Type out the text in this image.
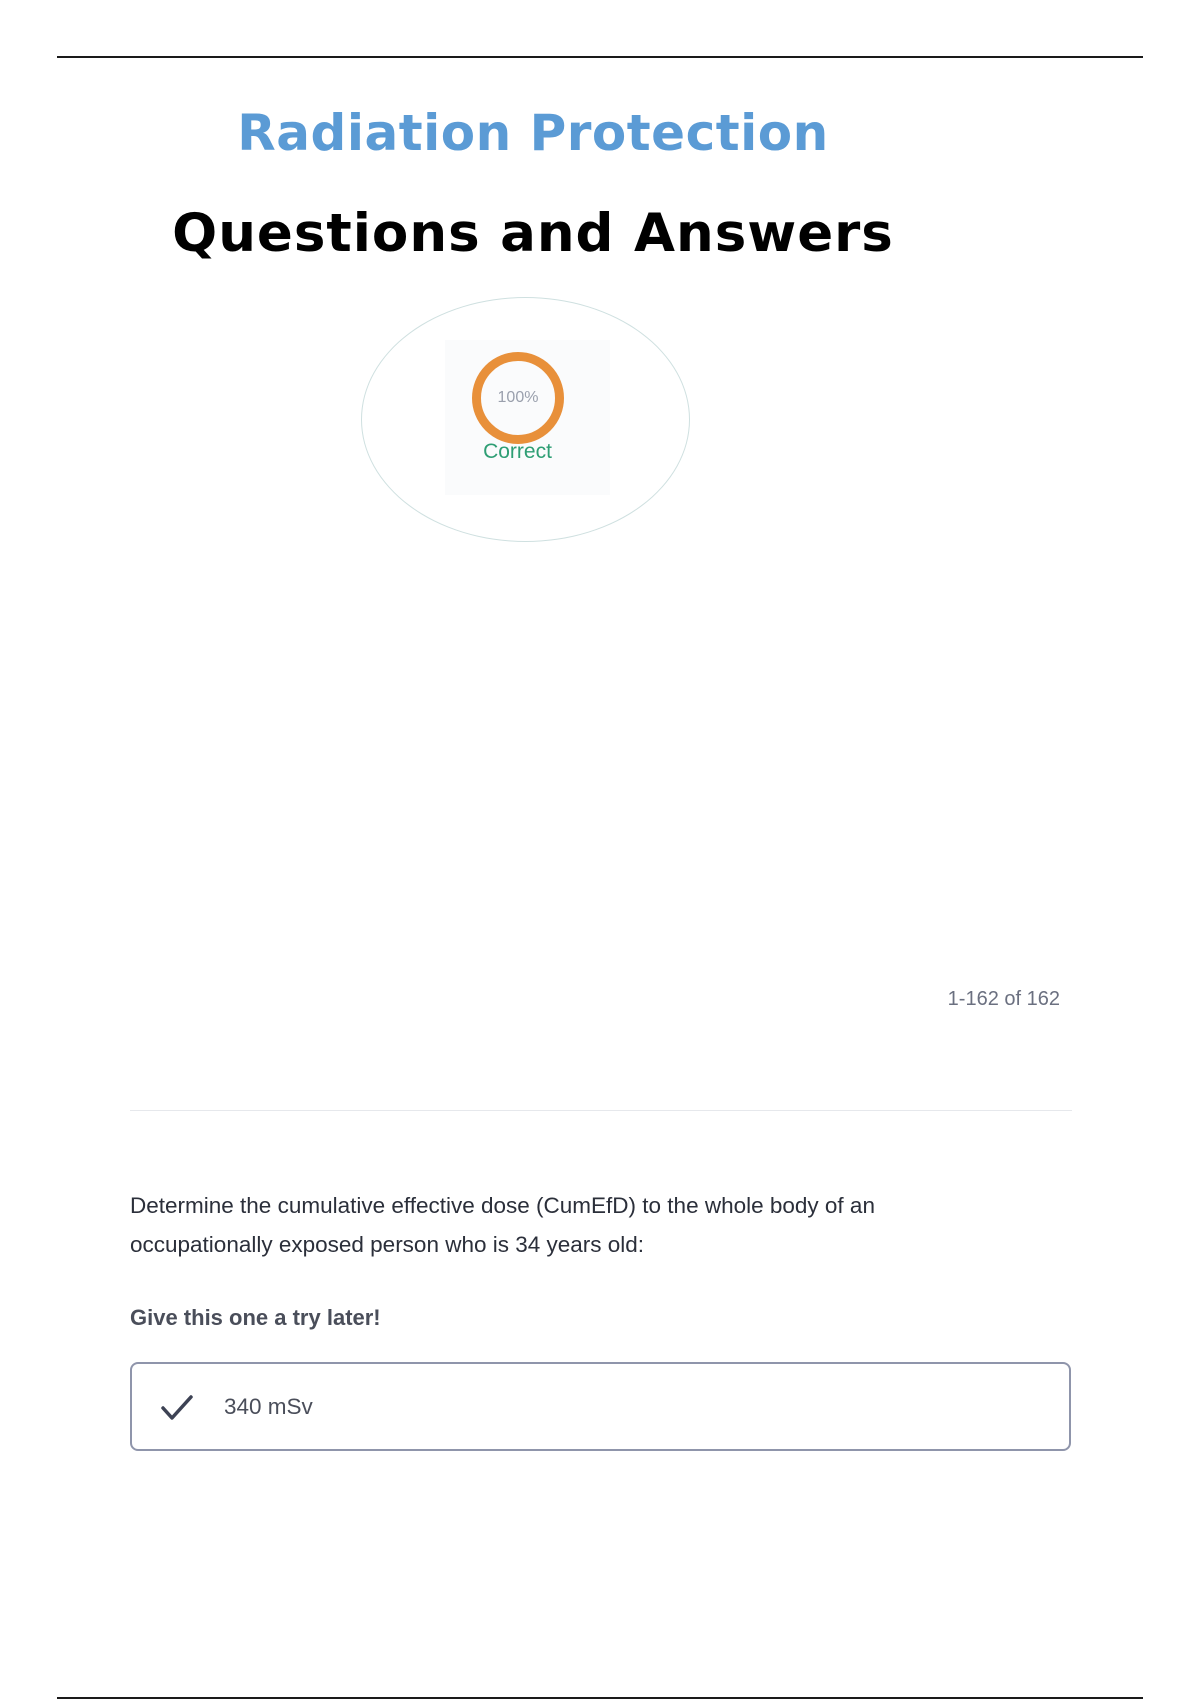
Radiation Protection
Questions and Answers
100%
Correct
1-162 of 162

Determine the cumulative effective dose (CumEfD) to the whole body of an occupationally exposed person who is 34 years old:

Give this one a try later!
340 mSv
